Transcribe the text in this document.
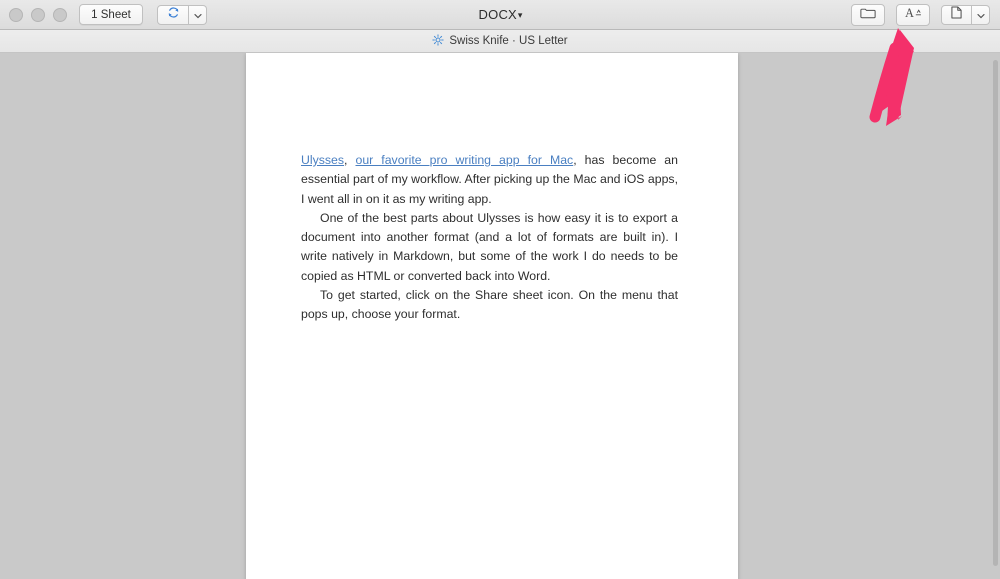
1 Sheet	DOCX▾	A
Swiss Knife · US Letter

Ulysses, our favorite pro writing app for Mac, has become an essential part of my workflow. After picking up the Mac and iOS apps, I went all in on it as my writing app.

One of the best parts about Ulysses is how easy it is to export a document into another format (and a lot of formats are built in). I write natively in Markdown, but some of the work I do needs to be copied as HTML or converted back into Word.

To get started, click on the Share sheet icon. On the menu that pops up, choose your format.
